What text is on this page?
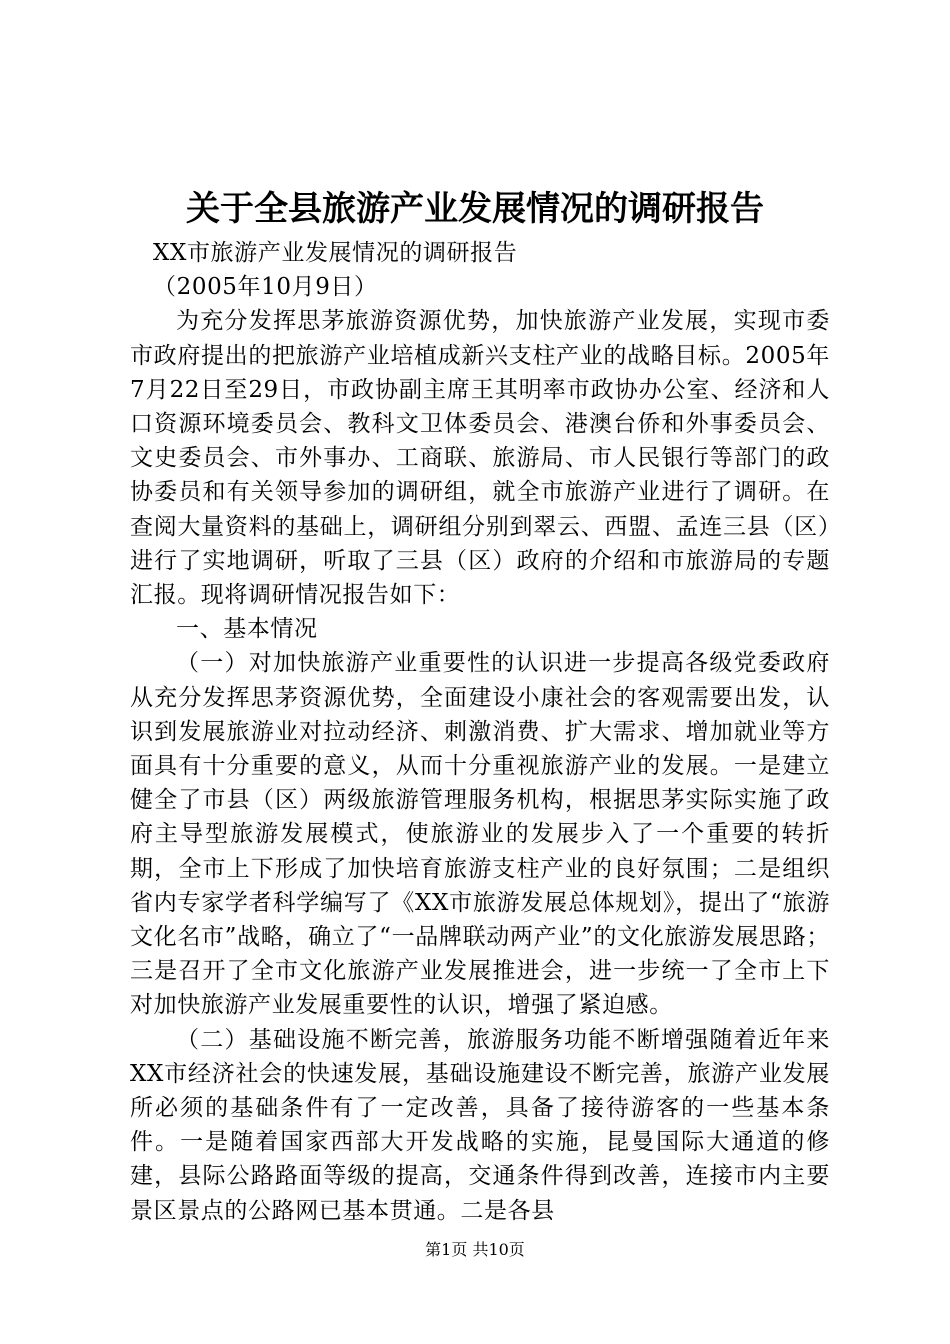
关于全县旅游产业发展情况的调研报告

XX市旅游产业发展情况的调研报告

（2005年10月9日）

为充分发挥思茅旅游资源优势，加快旅游产业发展，实现市委市政府提出的把旅游产业培植成新兴支柱产业的战略目标。2005年7月22日至29日，市政协副主席王其明率市政协办公室、经济和人口资源环境委员会、教科文卫体委员会、港澳台侨和外事委员会、文史委员会、市外事办、工商联、旅游局、市人民银行等部门的政协委员和有关领导参加的调研组，就全市旅游产业进行了调研。在查阅大量资料的基础上，调研组分别到翠云、西盟、孟连三县（区）进行了实地调研，听取了三县（区）政府的介绍和市旅游局的专题汇报。现将调研情况报告如下：

一、基本情况

（一）对加快旅游产业重要性的认识进一步提高各级党委政府从充分发挥思茅资源优势，全面建设小康社会的客观需要出发，认识到发展旅游业对拉动经济、刺激消费、扩大需求、增加就业等方面具有十分重要的意义，从而十分重视旅游产业的发展。一是建立健全了市县（区）两级旅游管理服务机构，根据思茅实际实施了政府主导型旅游发展模式，使旅游业的发展步入了一个重要的转折期，全市上下形成了加快培育旅游支柱产业的良好氛围；二是组织省内专家学者科学编写了《XX市旅游发展总体规划》，提出了“旅游文化名市”战略，确立了“一品牌联动两产业”的文化旅游发展思路；三是召开了全市文化旅游产业发展推进会，进一步统一了全市上下对加快旅游产业发展重要性的认识，增强了紧迫感。

（二）基础设施不断完善，旅游服务功能不断增强随着近年来XX市经济社会的快速发展，基础设施建设不断完善，旅游产业发展所必须的基础条件有了一定改善，具备了接待游客的一些基本条件。一是随着国家西部大开发战略的实施，昆曼国际大通道的修建，县际公路路面等级的提高，交通条件得到改善，连接市内主要景区景点的公路网已基本贯通。二是各县

第1页 共10页
